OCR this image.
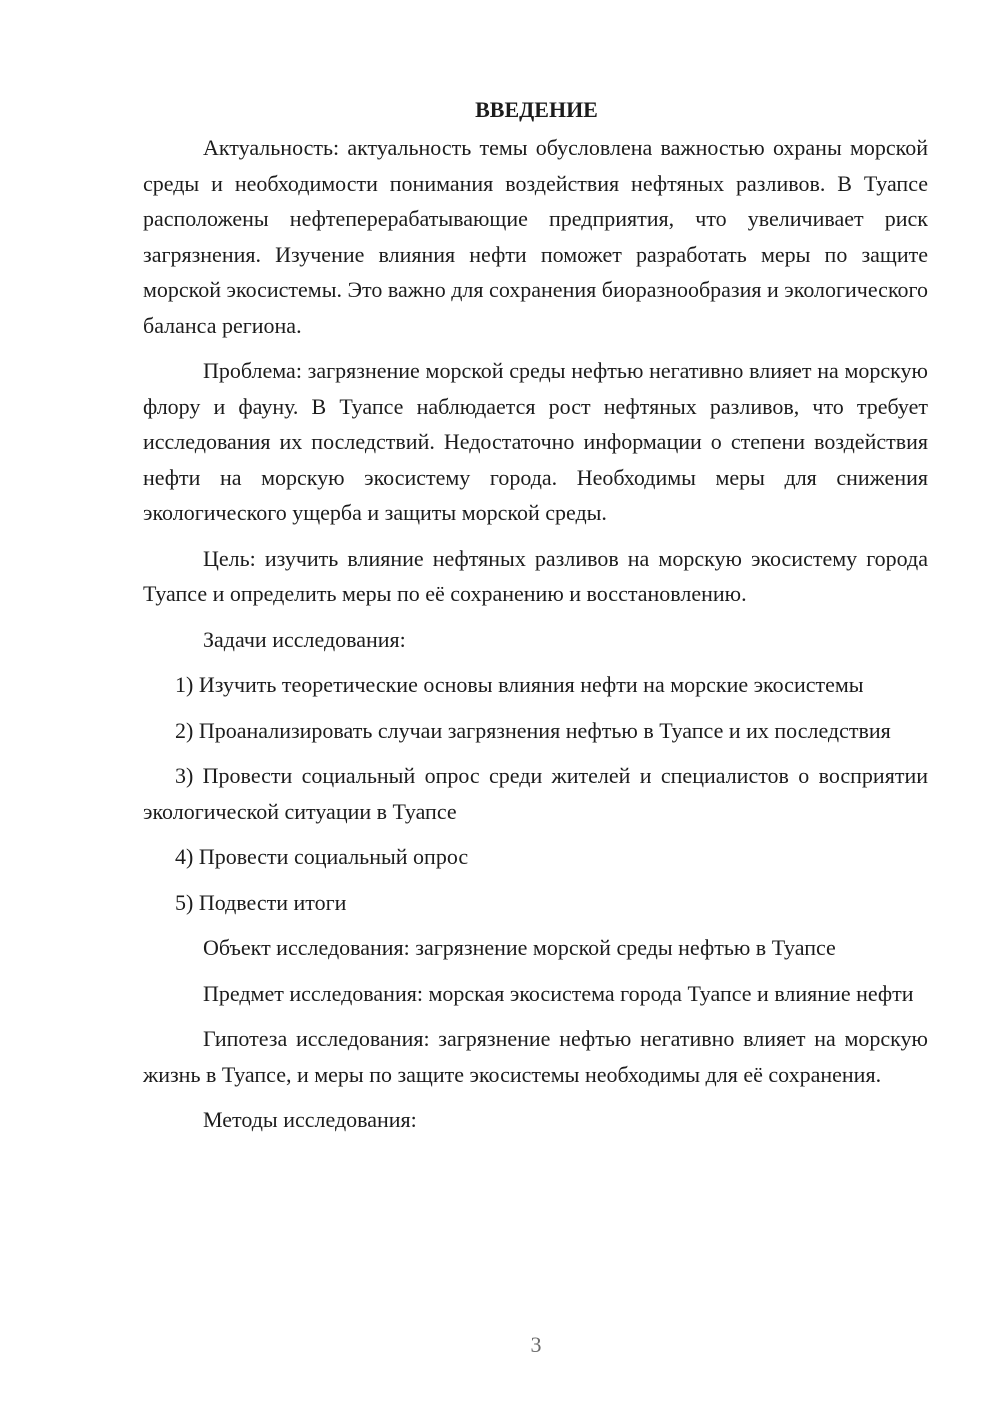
ВВЕДЕНИЕ

Актуальность: актуальность темы обусловлена важностью охраны морской среды и необходимости понимания воздействия нефтяных разливов. В Туапсе расположены нефтеперерабатывающие предприятия, что увеличивает риск загрязнения. Изучение влияния нефти поможет разработать меры по защите морской экосистемы. Это важно для сохранения биоразнообразия и экологического баланса региона.

Проблема: загрязнение морской среды нефтью негативно влияет на морскую флору и фауну. В Туапсе наблюдается рост нефтяных разливов, что требует исследования их последствий. Недостаточно информации о степени воздействия нефти на морскую экосистему города. Необходимы меры для снижения экологического ущерба и защиты морской среды.

Цель: изучить влияние нефтяных разливов на морскую экосистему города Туапсе и определить меры по её сохранению и восстановлению.

Задачи исследования:

1) Изучить теоретические основы влияния нефти на морские экосистемы

2) Проанализировать случаи загрязнения нефтью в Туапсе и их последствия

3) Провести социальный опрос среди жителей и специалистов о восприятии экологической ситуации в Туапсе

4) Провести социальный опрос

5) Подвести итоги

Объект исследования: загрязнение морской среды нефтью в Туапсе

Предмет исследования: морская экосистема города Туапсе и влияние нефти

Гипотеза исследования: загрязнение нефтью негативно влияет на морскую жизнь в Туапсе, и меры по защите экосистемы необходимы для её сохранения.

Методы исследования:

3
